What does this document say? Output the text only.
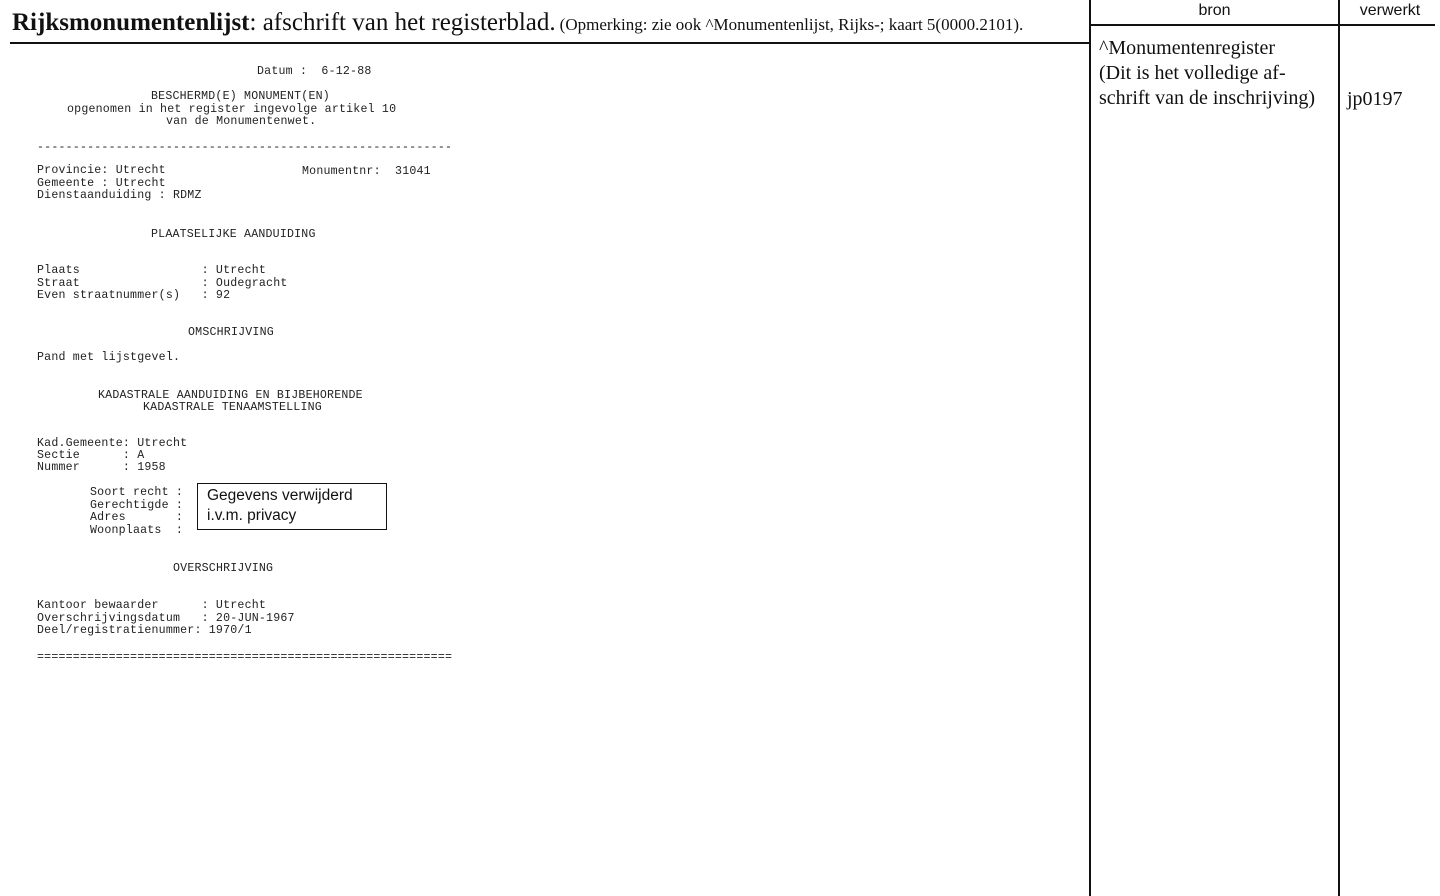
Rijksmonumentenlijst: afschrift van het registerblad. (Opmerking: zie ook ^Monumentenlijst, Rijks-; kaart 5(0000.2101).
bron	verwerkt
^Monumentenregister
(Dit is het volledige af-
schrift van de inschrijving)	jp0197
Datum :  6-12-88
BESCHERMD(E) MONUMENT(EN)
opgenomen in het register ingevolge artikel 10
van de Monumentenwet.
----------------------------------------------------------
Provincie: Utrecht	Monumentnr:  31041
Gemeente : Utrecht
Dienstaanduiding : RDMZ
PLAATSELIJKE AANDUIDING
Plaats                 : Utrecht
Straat                 : Oudegracht
Even straatnummer(s)   : 92
OMSCHRIJVING
Pand met lijstgevel.
KADASTRALE AANDUIDING EN BIJBEHORENDE
KADASTRALE TENAAMSTELLING
Kad.Gemeente: Utrecht
Sectie      : A
Nummer      : 1958
Soort recht :
Gerechtigde :
Adres       :
Woonplaats  :
Gegevens verwijderd
i.v.m. privacy
OVERSCHRIJVING
Kantoor bewaarder      : Utrecht
Overschrijvingsdatum   : 20-JUN-1967
Deel/registratienummer: 1970/1
==========================================================
